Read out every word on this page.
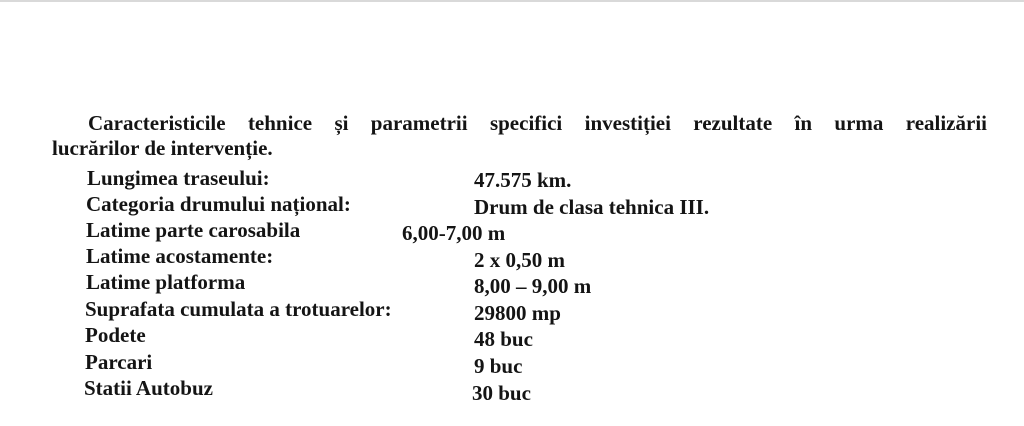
Caracteristicile tehnice și parametrii specifici investiției rezultate în urma realizării
lucrărilor de intervenție.

Lungimea traseului:	47.575 km.
Categoria drumului național:	Drum de clasa tehnica III.
Latime parte carosabila	6,00-7,00 m
Latime acostamente:	2 x 0,50 m
Latime platforma	8,00 – 9,00 m
Suprafata cumulata a trotuarelor:	29800 mp
Podete	48 buc
Parcari	9 buc
Statii Autobuz	30 buc
